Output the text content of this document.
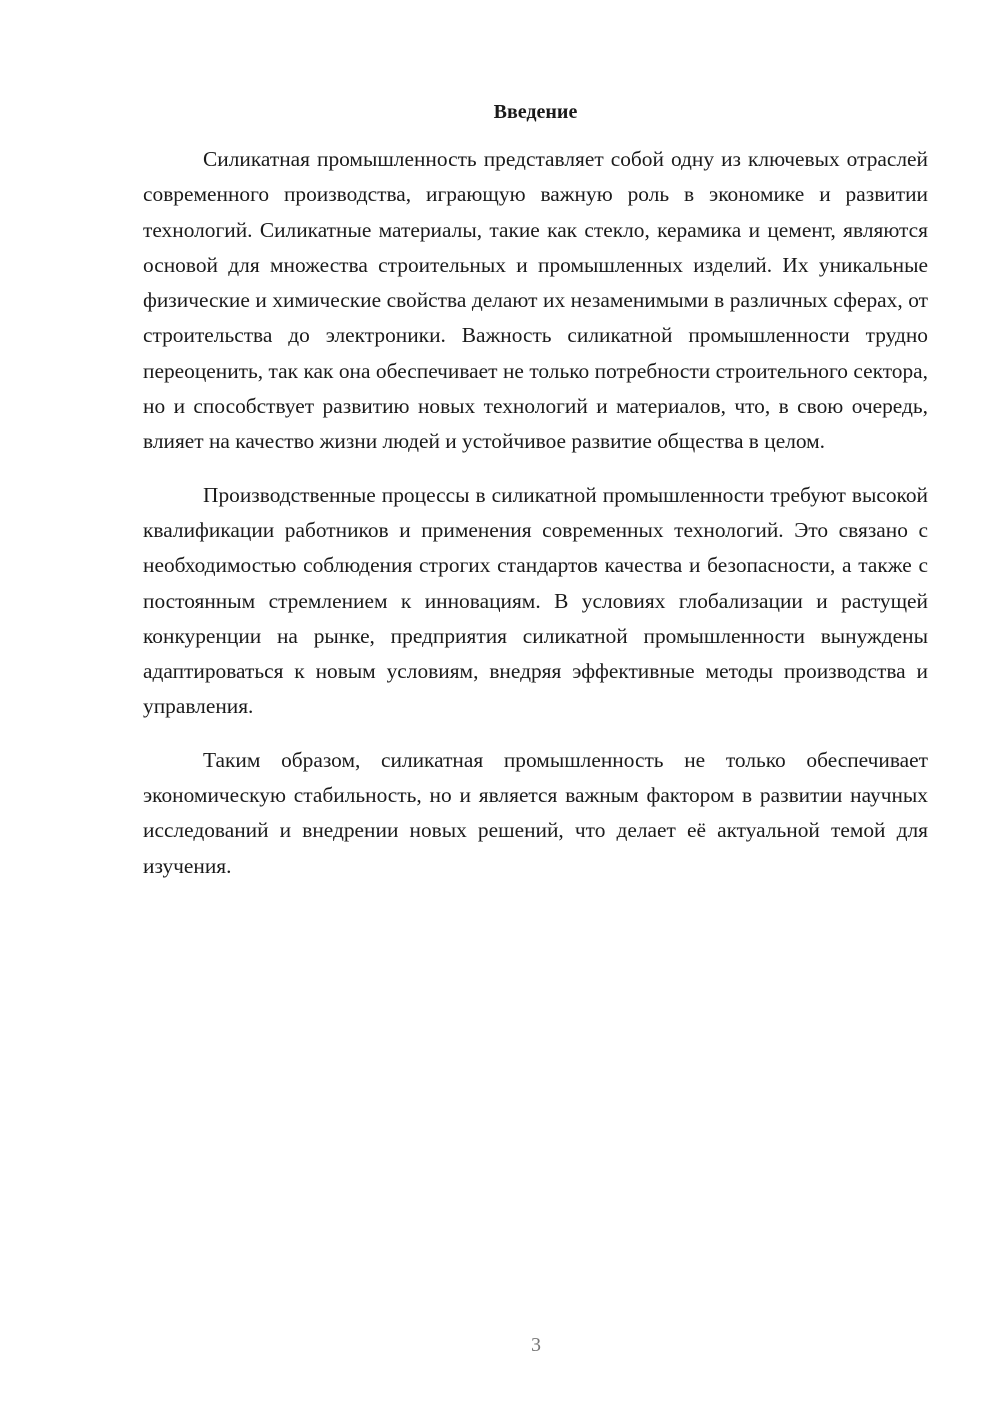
Введение

Силикатная промышленность представляет собой одну из ключевых отраслей современного производства, играющую важную роль в экономике и развитии технологий. Силикатные материалы, такие как стекло, керамика и цемент, являются основой для множества строительных и промышленных изделий. Их уникальные физические и химические свойства делают их незаменимыми в различных сферах, от строительства до электроники. Важность силикатной промышленности трудно переоценить, так как она обеспечивает не только потребности строительного сектора, но и способствует развитию новых технологий и материалов, что, в свою очередь, влияет на качество жизни людей и устойчивое развитие общества в целом.

Производственные процессы в силикатной промышленности требуют высокой квалификации работников и применения современных технологий. Это связано с необходимостью соблюдения строгих стандартов качества и безопасности, а также с постоянным стремлением к инновациям. В условиях глобализации и растущей конкуренции на рынке, предприятия силикатной промышленности вынуждены адаптироваться к новым условиям, внедряя эффективные методы производства и управления.

Таким образом, силикатная промышленность не только обеспечивает экономическую стабильность, но и является важным фактором в развитии научных исследований и внедрении новых решений, что делает её актуальной темой для изучения.

3
